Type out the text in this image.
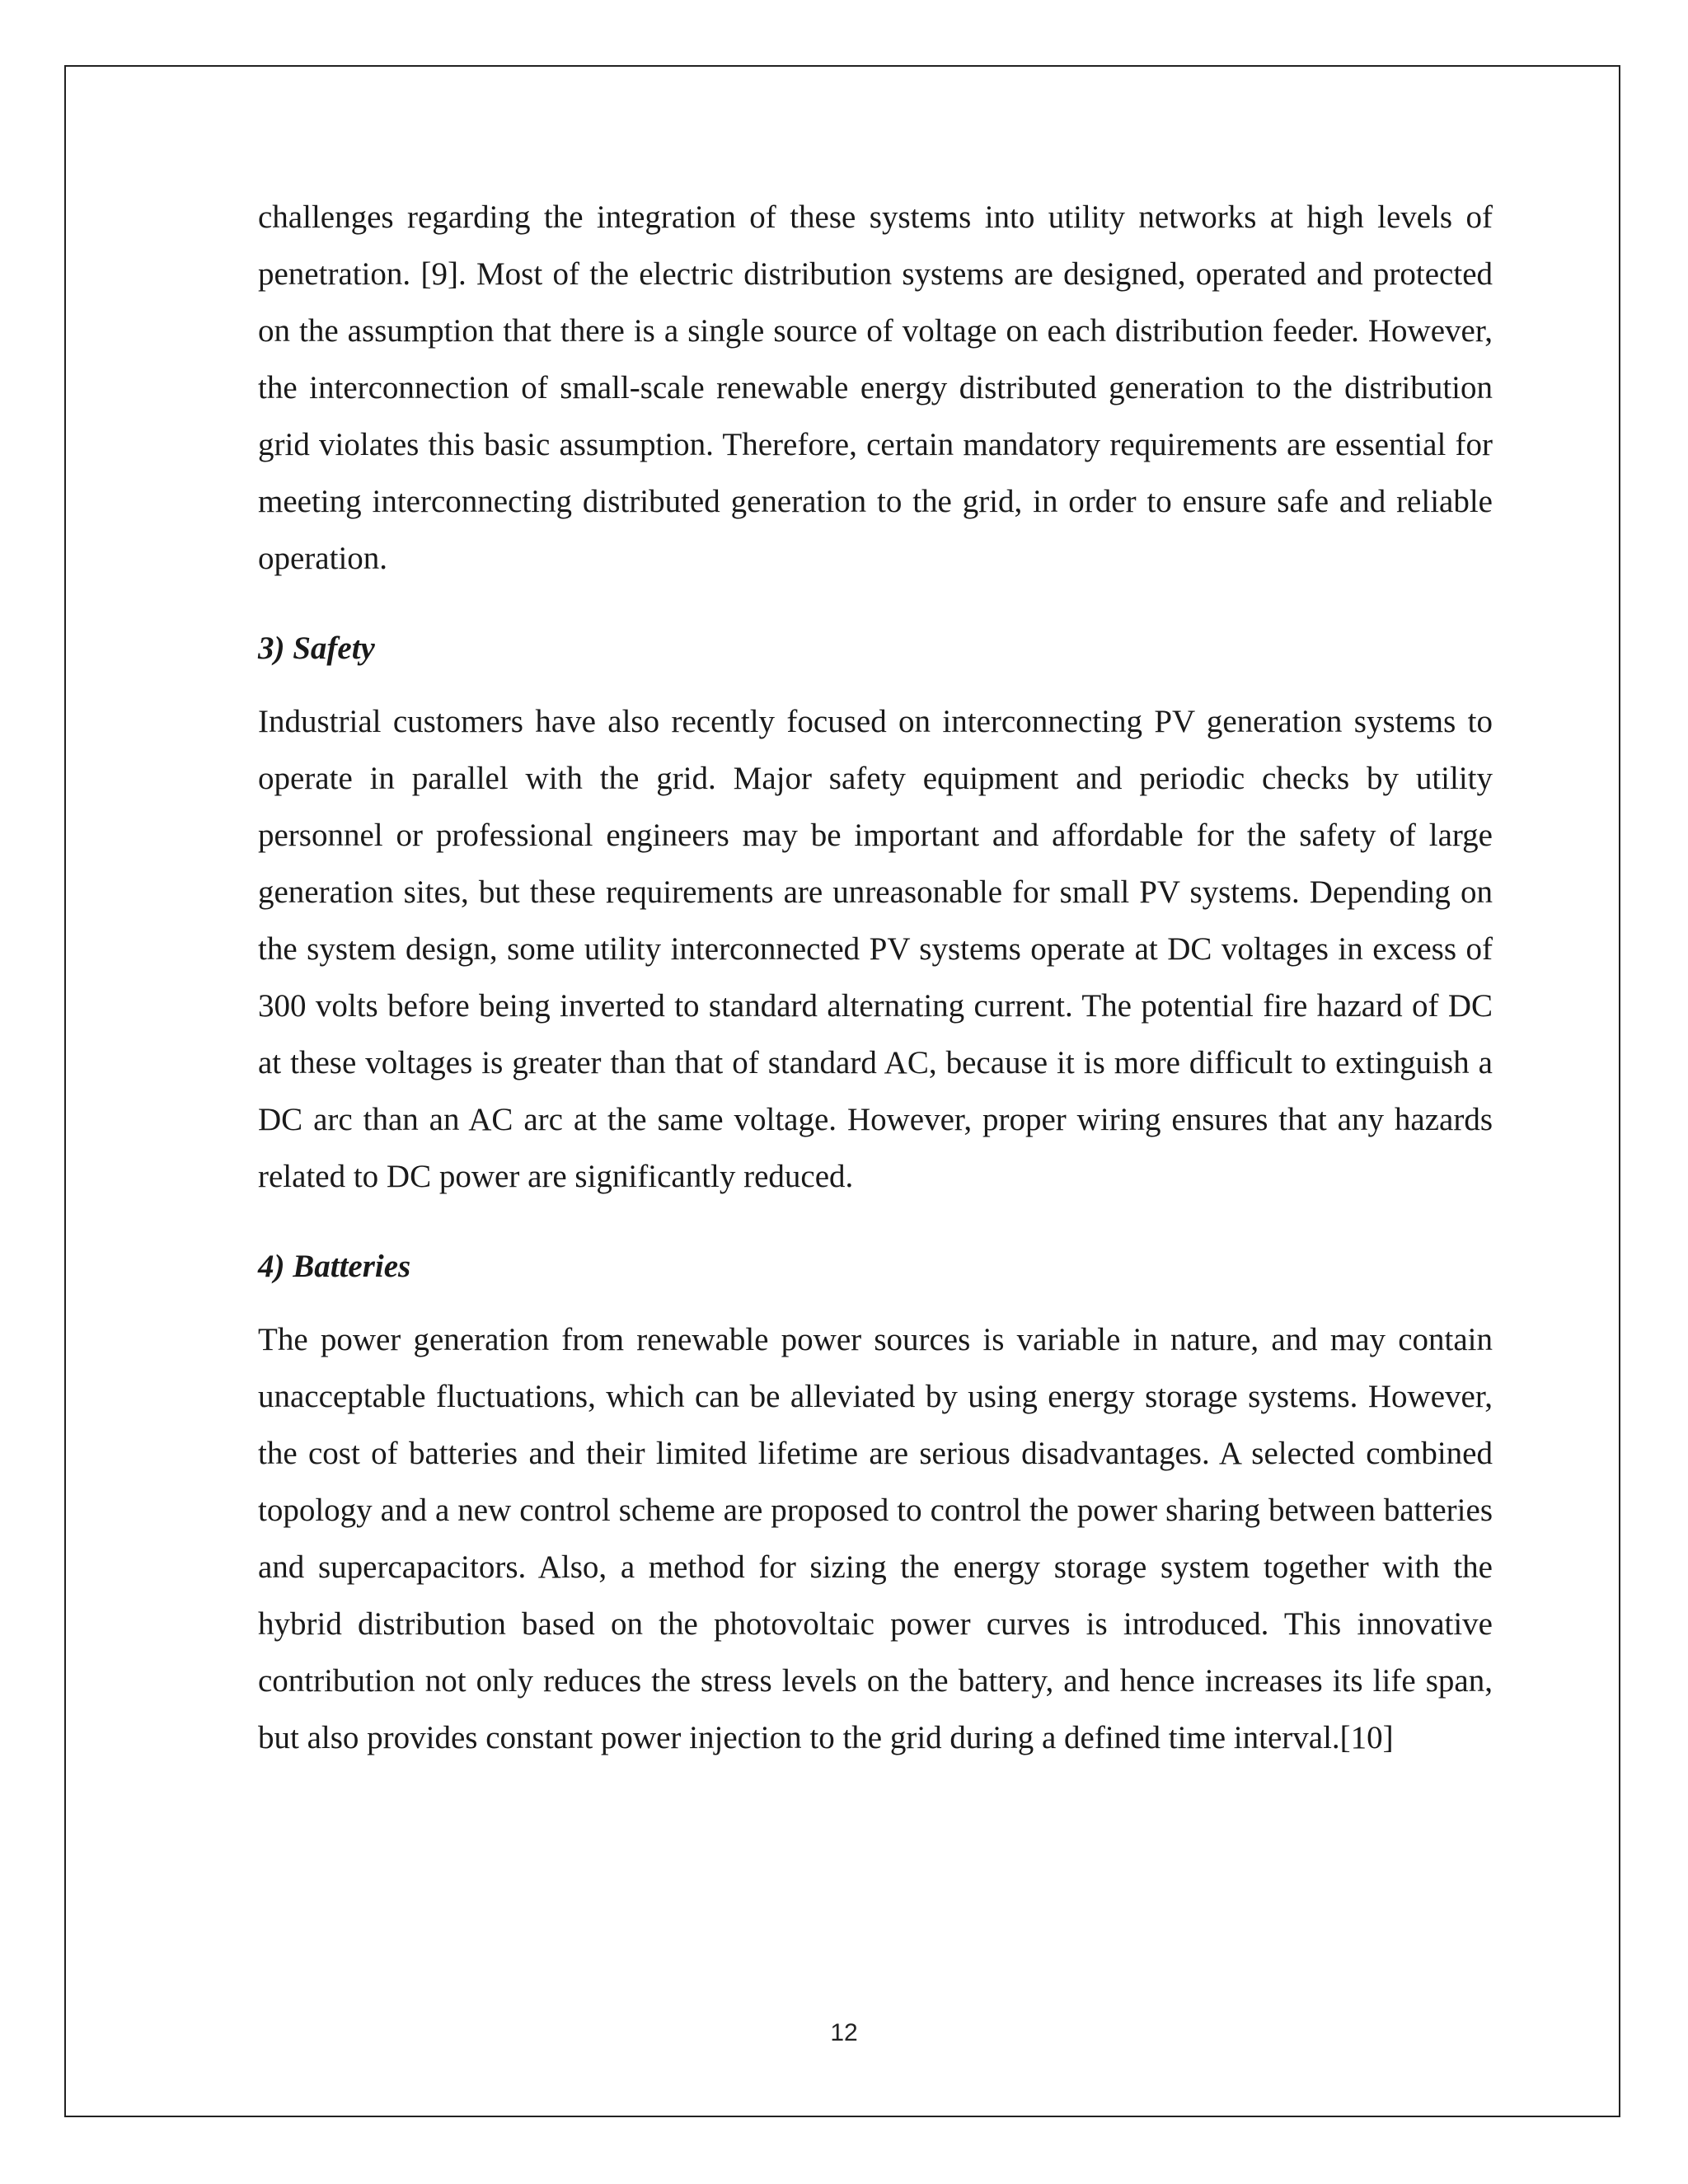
challenges regarding the integration of these systems into utility networks at high levels of penetration. [9]. Most of the electric distribution systems are designed, operated and protected on the assumption that there is a single source of voltage on each distribution feeder. However, the interconnection of small-scale renewable energy distributed generation to the distribution grid violates this basic assumption. Therefore, certain mandatory requirements are essential for meeting interconnecting distributed generation to the grid, in order to ensure safe and reliable operation.

3) Safety

Industrial customers have also recently focused on interconnecting PV generation systems to operate in parallel with the grid. Major safety equipment and periodic checks by utility personnel or professional engineers may be important and affordable for the safety of large generation sites, but these requirements are unreasonable for small PV systems. Depending on the system design, some utility interconnected PV systems operate at DC voltages in excess of 300 volts before being inverted to standard alternating current. The potential fire hazard of DC at these voltages is greater than that of standard AC, because it is more difficult to extinguish a DC arc than an AC arc at the same voltage. However, proper wiring ensures that any hazards related to DC power are significantly reduced.

4) Batteries

The power generation from renewable power sources is variable in nature, and may contain unacceptable fluctuations, which can be alleviated by using energy storage systems. However, the cost of batteries and their limited lifetime are serious disadvantages. A selected combined topology and a new control scheme are proposed to control the power sharing between batteries and supercapacitors. Also, a method for sizing the energy storage system together with the hybrid distribution based on the photovoltaic power curves is introduced. This innovative contribution not only reduces the stress levels on the battery, and hence increases its life span, but also provides constant power injection to the grid during a defined time interval.[10]

12
